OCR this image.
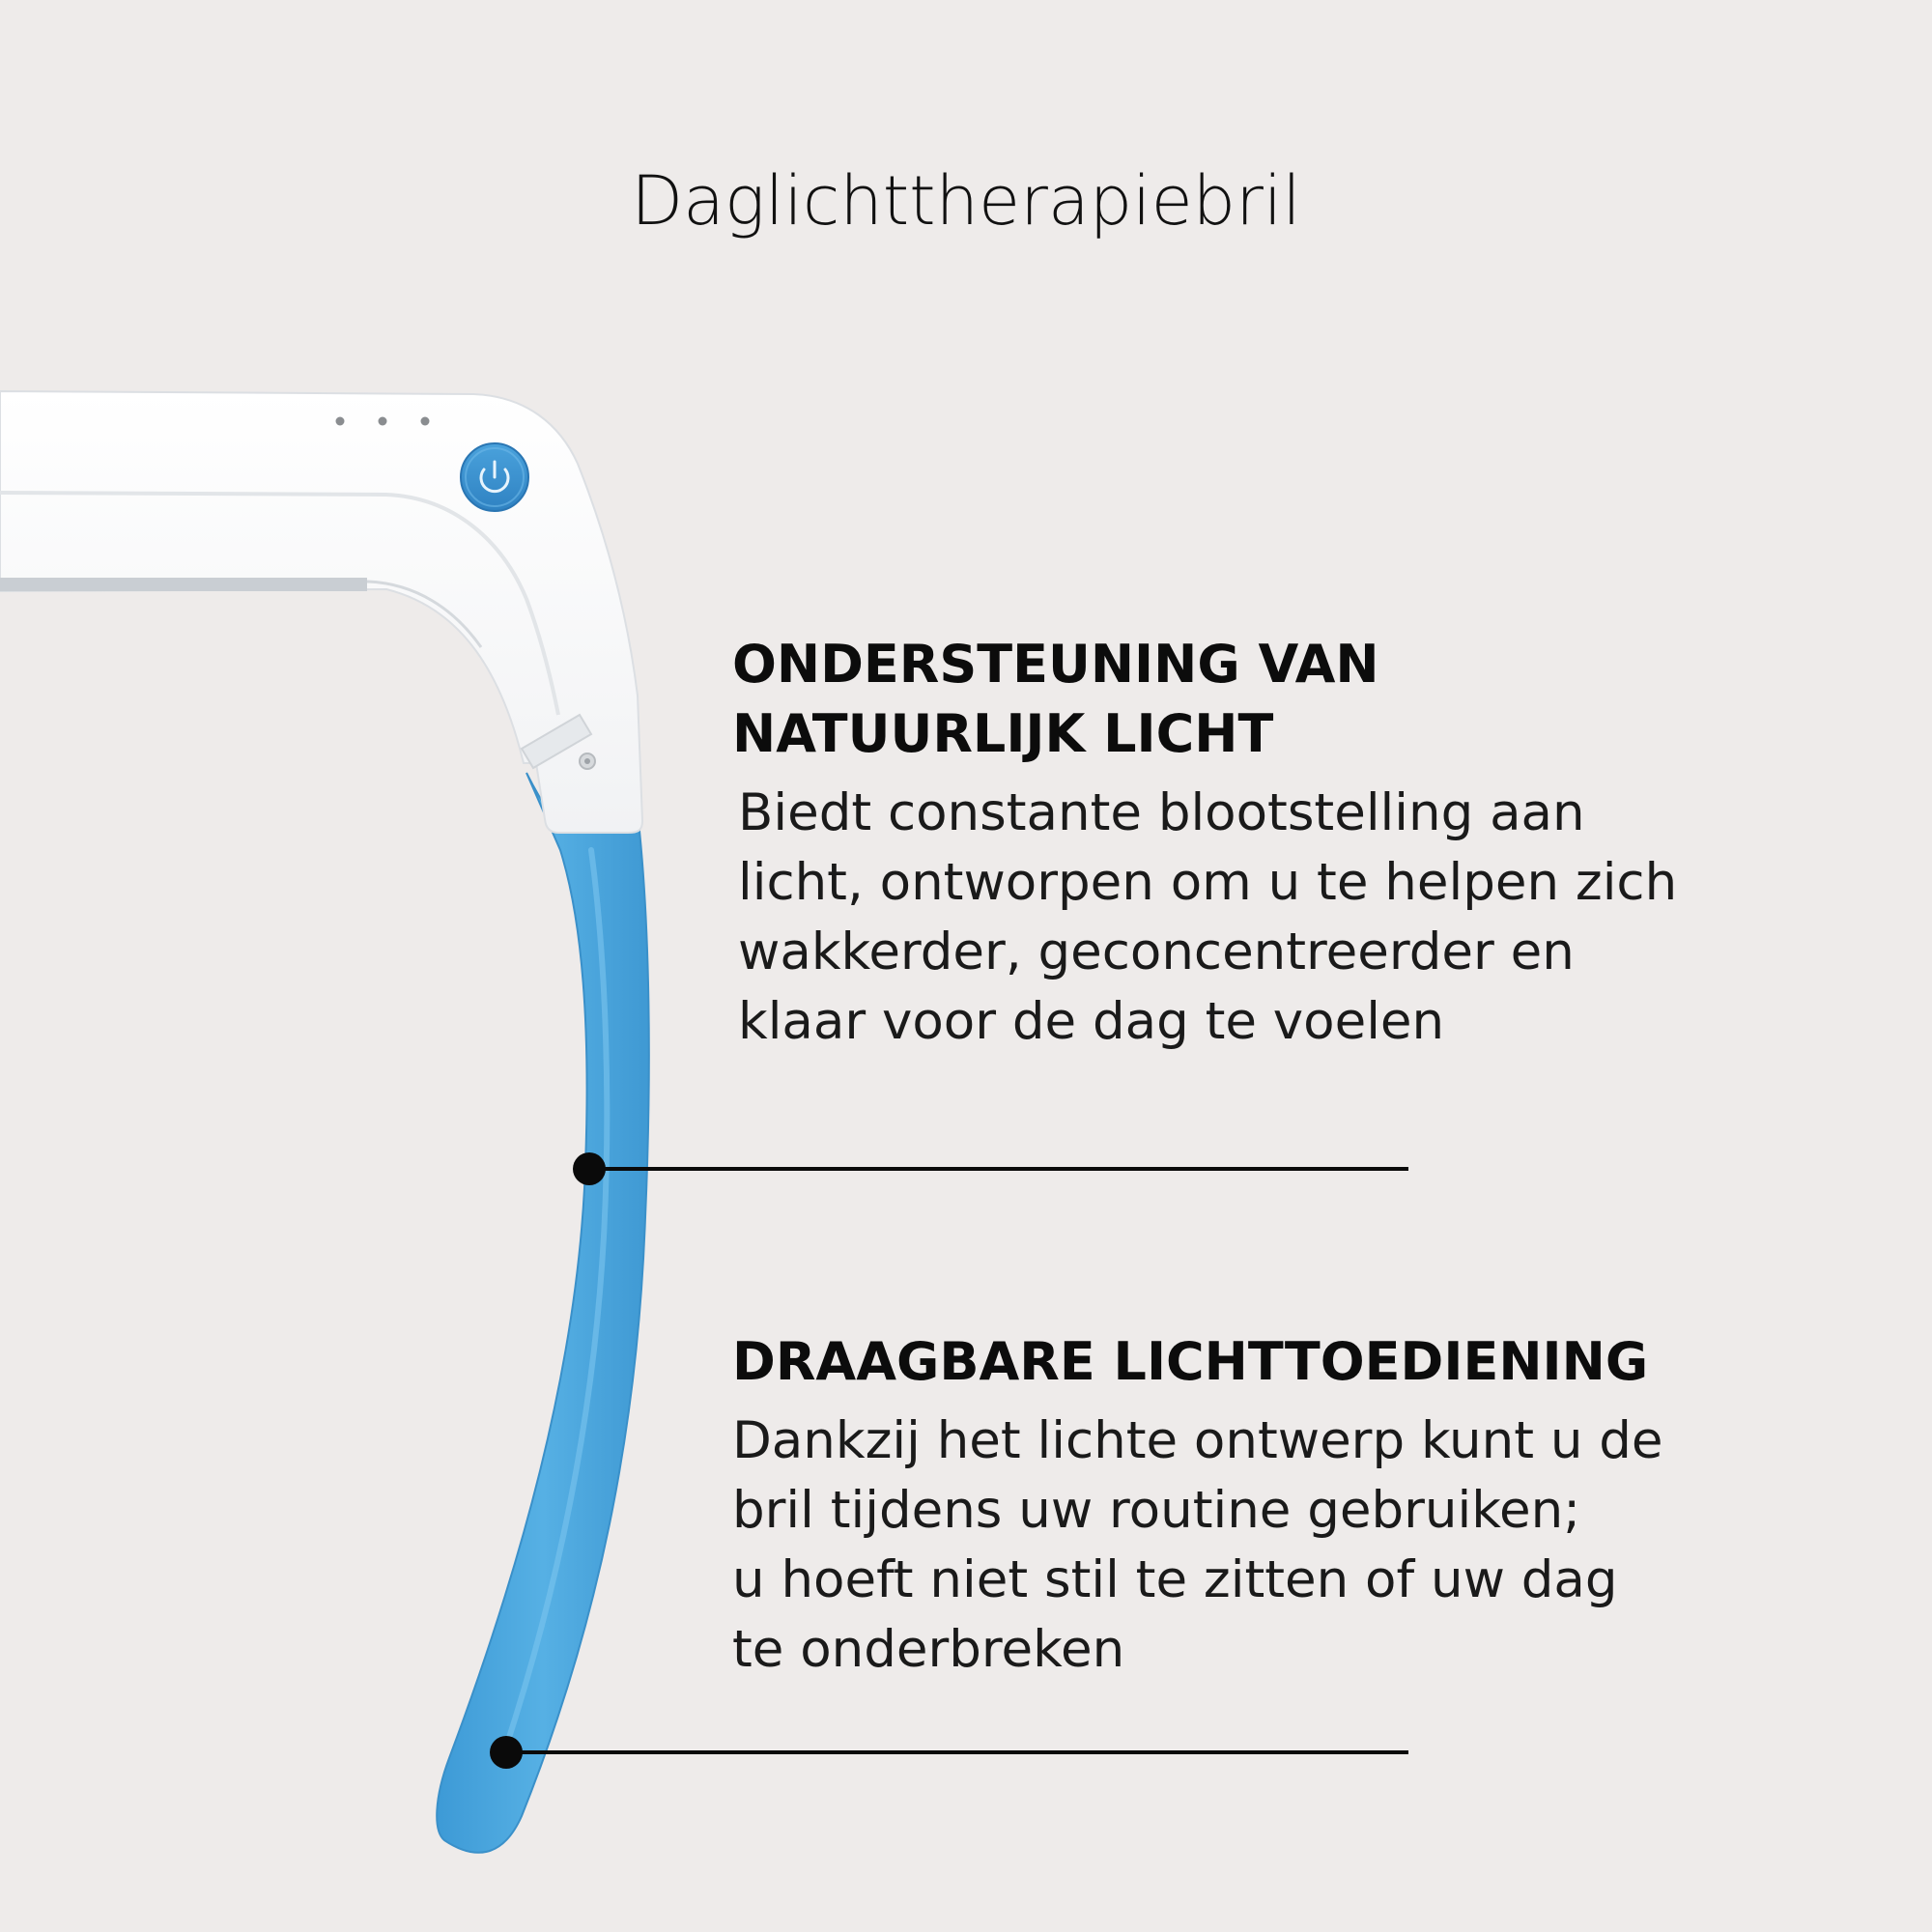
Daglichttherapiebril
ONDERSTEUNING VAN
NATUURLIJK LICHT
Biedt constante blootstelling aan
licht, ontworpen om u te helpen zich
wakkerder, geconcentreerder en
klaar voor de dag te voelen
DRAAGBARE LICHTTOEDIENING
Dankzij het lichte ontwerp kunt u de
bril tijdens uw routine gebruiken;
u hoeft niet stil te zitten of uw dag
te onderbreken
